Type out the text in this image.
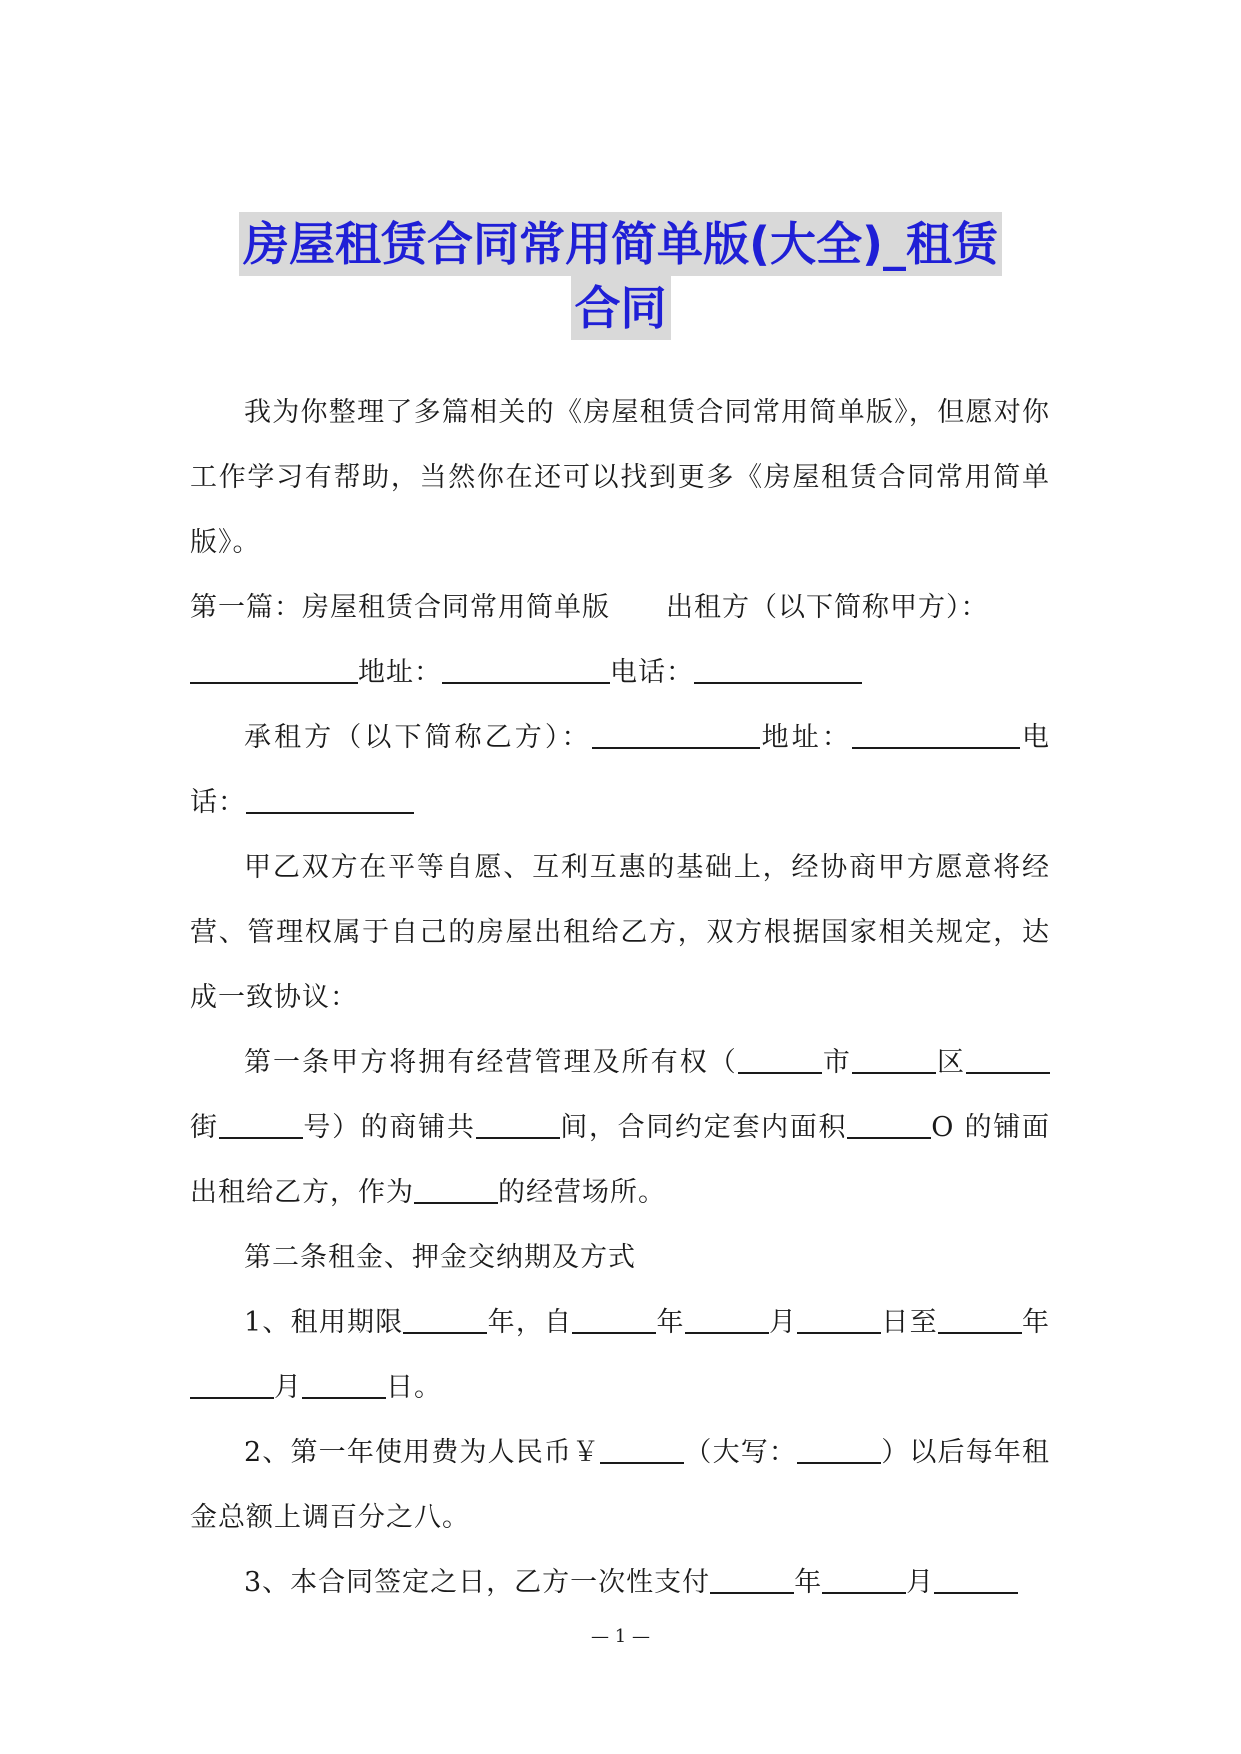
房屋租赁合同常用简单版(大全)_租赁
合同

我为你整理了多篇相关的《房屋租赁合同常用简单版》，但愿对你工作学习有帮助，当然你在还可以找到更多《房屋租赁合同常用简单版》。

第一篇：房屋租赁合同常用简单版 出租方（以下简称甲方）：
地址：	电话：

承租方（以下简称乙方）：	地址：	电话：

甲乙双方在平等自愿、互利互惠的基础上，经协商甲方愿意将经营、管理权属于自己的房屋出租给乙方，双方根据国家相关规定，达成一致协议：

第一条甲方将拥有经营管理及所有权（	市	区街	号）的商铺共	间，合同约定套内面积	O 的铺面出租给乙方，作为	的经营场所。

第二条租金、押金交纳期及方式

1、租用期限	年，自	年	月	日至	年月	日。

2、第一年使用费为人民币￥	（大写：	）以后每年租金总额上调百分之八。

3、本合同签定之日，乙方一次性支付	年	月

— 1 —
